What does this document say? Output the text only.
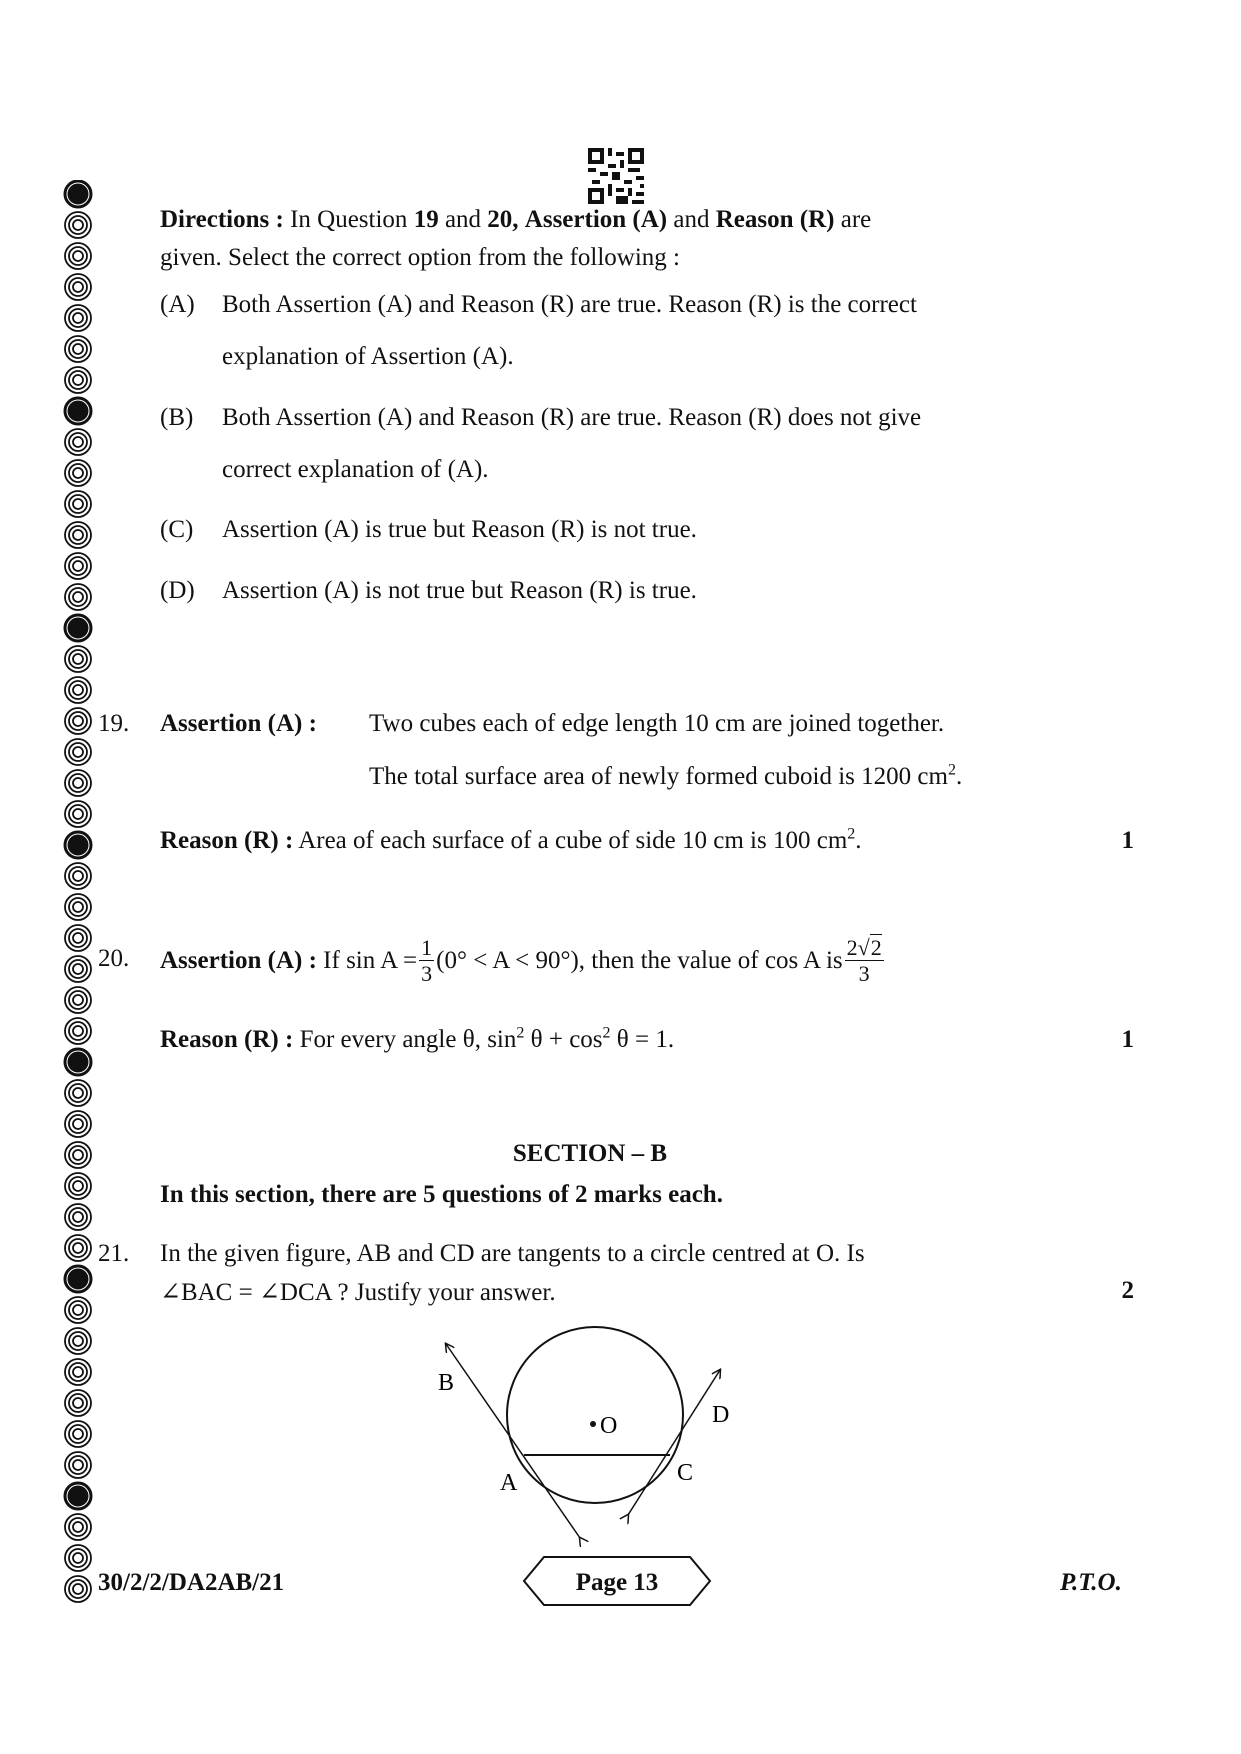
Directions : In Question 19 and 20, Assertion (A) and Reason (R) are
given. Select the correct option from the following :
(A) Both Assertion (A) and Reason (R) are true. Reason (R) is the correct
explanation of Assertion (A).
(B) Both Assertion (A) and Reason (R) are true. Reason (R) does not give
correct explanation of (A).
(C) Assertion (A) is true but Reason (R) is not true.
(D) Assertion (A) is not true but Reason (R) is true.
19. Assertion (A) : Two cubes each of edge length 10 cm are joined together.
The total surface area of newly formed cuboid is 1200 $cm^2$.
Reason (R) : Area of each surface of a cube of side 10 cm is 100 $cm^2$.	1
20. Assertion (A) :
If $\sin A = \frac{1}{3} (0^\circ < A < 90^\circ)$, then the value of cos A is $\frac{2√2}{3}$
Reason (R) : For every angle θ, $\sin^2 \theta + \cos^2 \theta = 1$.	1
SECTION – B
In this section, there are 5 questions of 2 marks each.
21. In the given figure, AB and CD are tangents to a circle centred at O. Is
∠BAC = ∠DCA ? Justify your answer.	2
B
O	D
A	C
30/2/2/DA2AB/21	Page 13	P.T.O.
